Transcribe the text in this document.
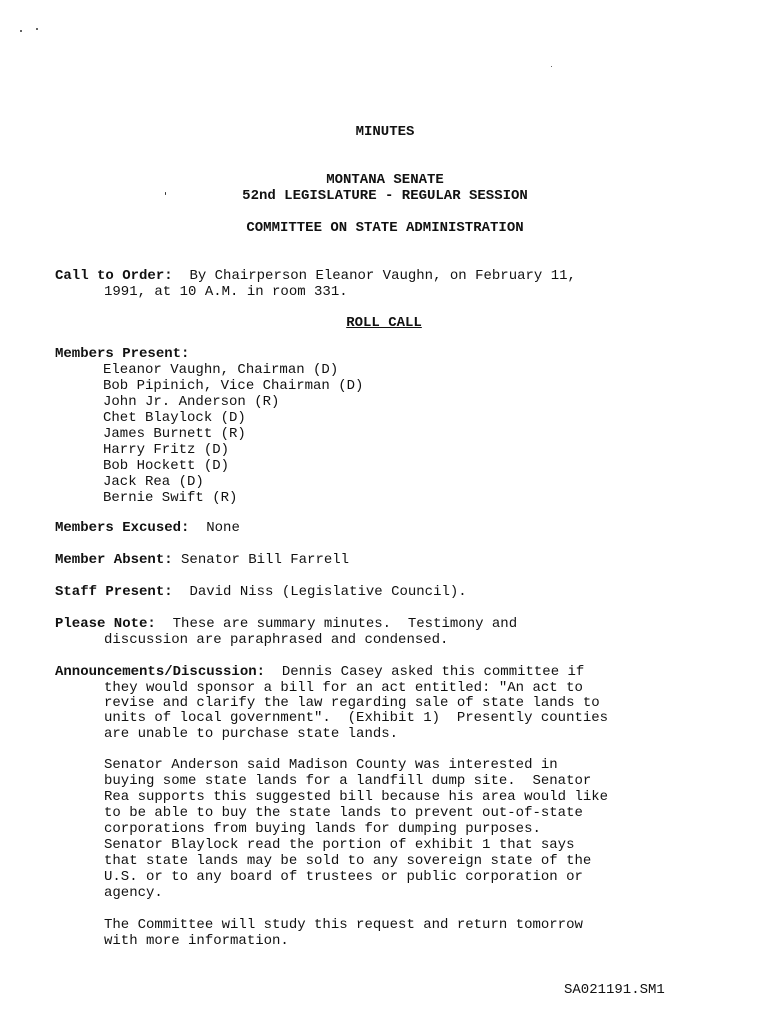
MINUTES
MONTANA SENATE
52nd LEGISLATURE - REGULAR SESSION
COMMITTEE ON STATE ADMINISTRATION
Call to Order: By Chairperson Eleanor Vaughn, on February 11,
1991, at 10 A.M. in room 331.
ROLL CALL
Members Present:
Eleanor Vaughn, Chairman (D)
Bob Pipinich, Vice Chairman (D)
John Jr. Anderson (R)
Chet Blaylock (D)
James Burnett (R)
Harry Fritz (D)
Bob Hockett (D)
Jack Rea (D)
Bernie Swift (R)
Members Excused: None
Member Absent: Senator Bill Farrell
Staff Present: David Niss (Legislative Council).
Please Note: These are summary minutes.  Testimony and
discussion are paraphrased and condensed.
Announcements/Discussion: Dennis Casey asked this committee if
they would sponsor a bill for an act entitled: "An act to
revise and clarify the law regarding sale of state lands to
units of local government".  (Exhibit 1)  Presently counties
are unable to purchase state lands.
Senator Anderson said Madison County was interested in
buying some state lands for a landfill dump site.  Senator
Rea supports this suggested bill because his area would like
to be able to buy the state lands to prevent out-of-state
corporations from buying lands for dumping purposes.
Senator Blaylock read the portion of exhibit 1 that says
that state lands may be sold to any sovereign state of the
U.S. or to any board of trustees or public corporation or
agency.
The Committee will study this request and return tomorrow
with more information.
SA021191.SM1
